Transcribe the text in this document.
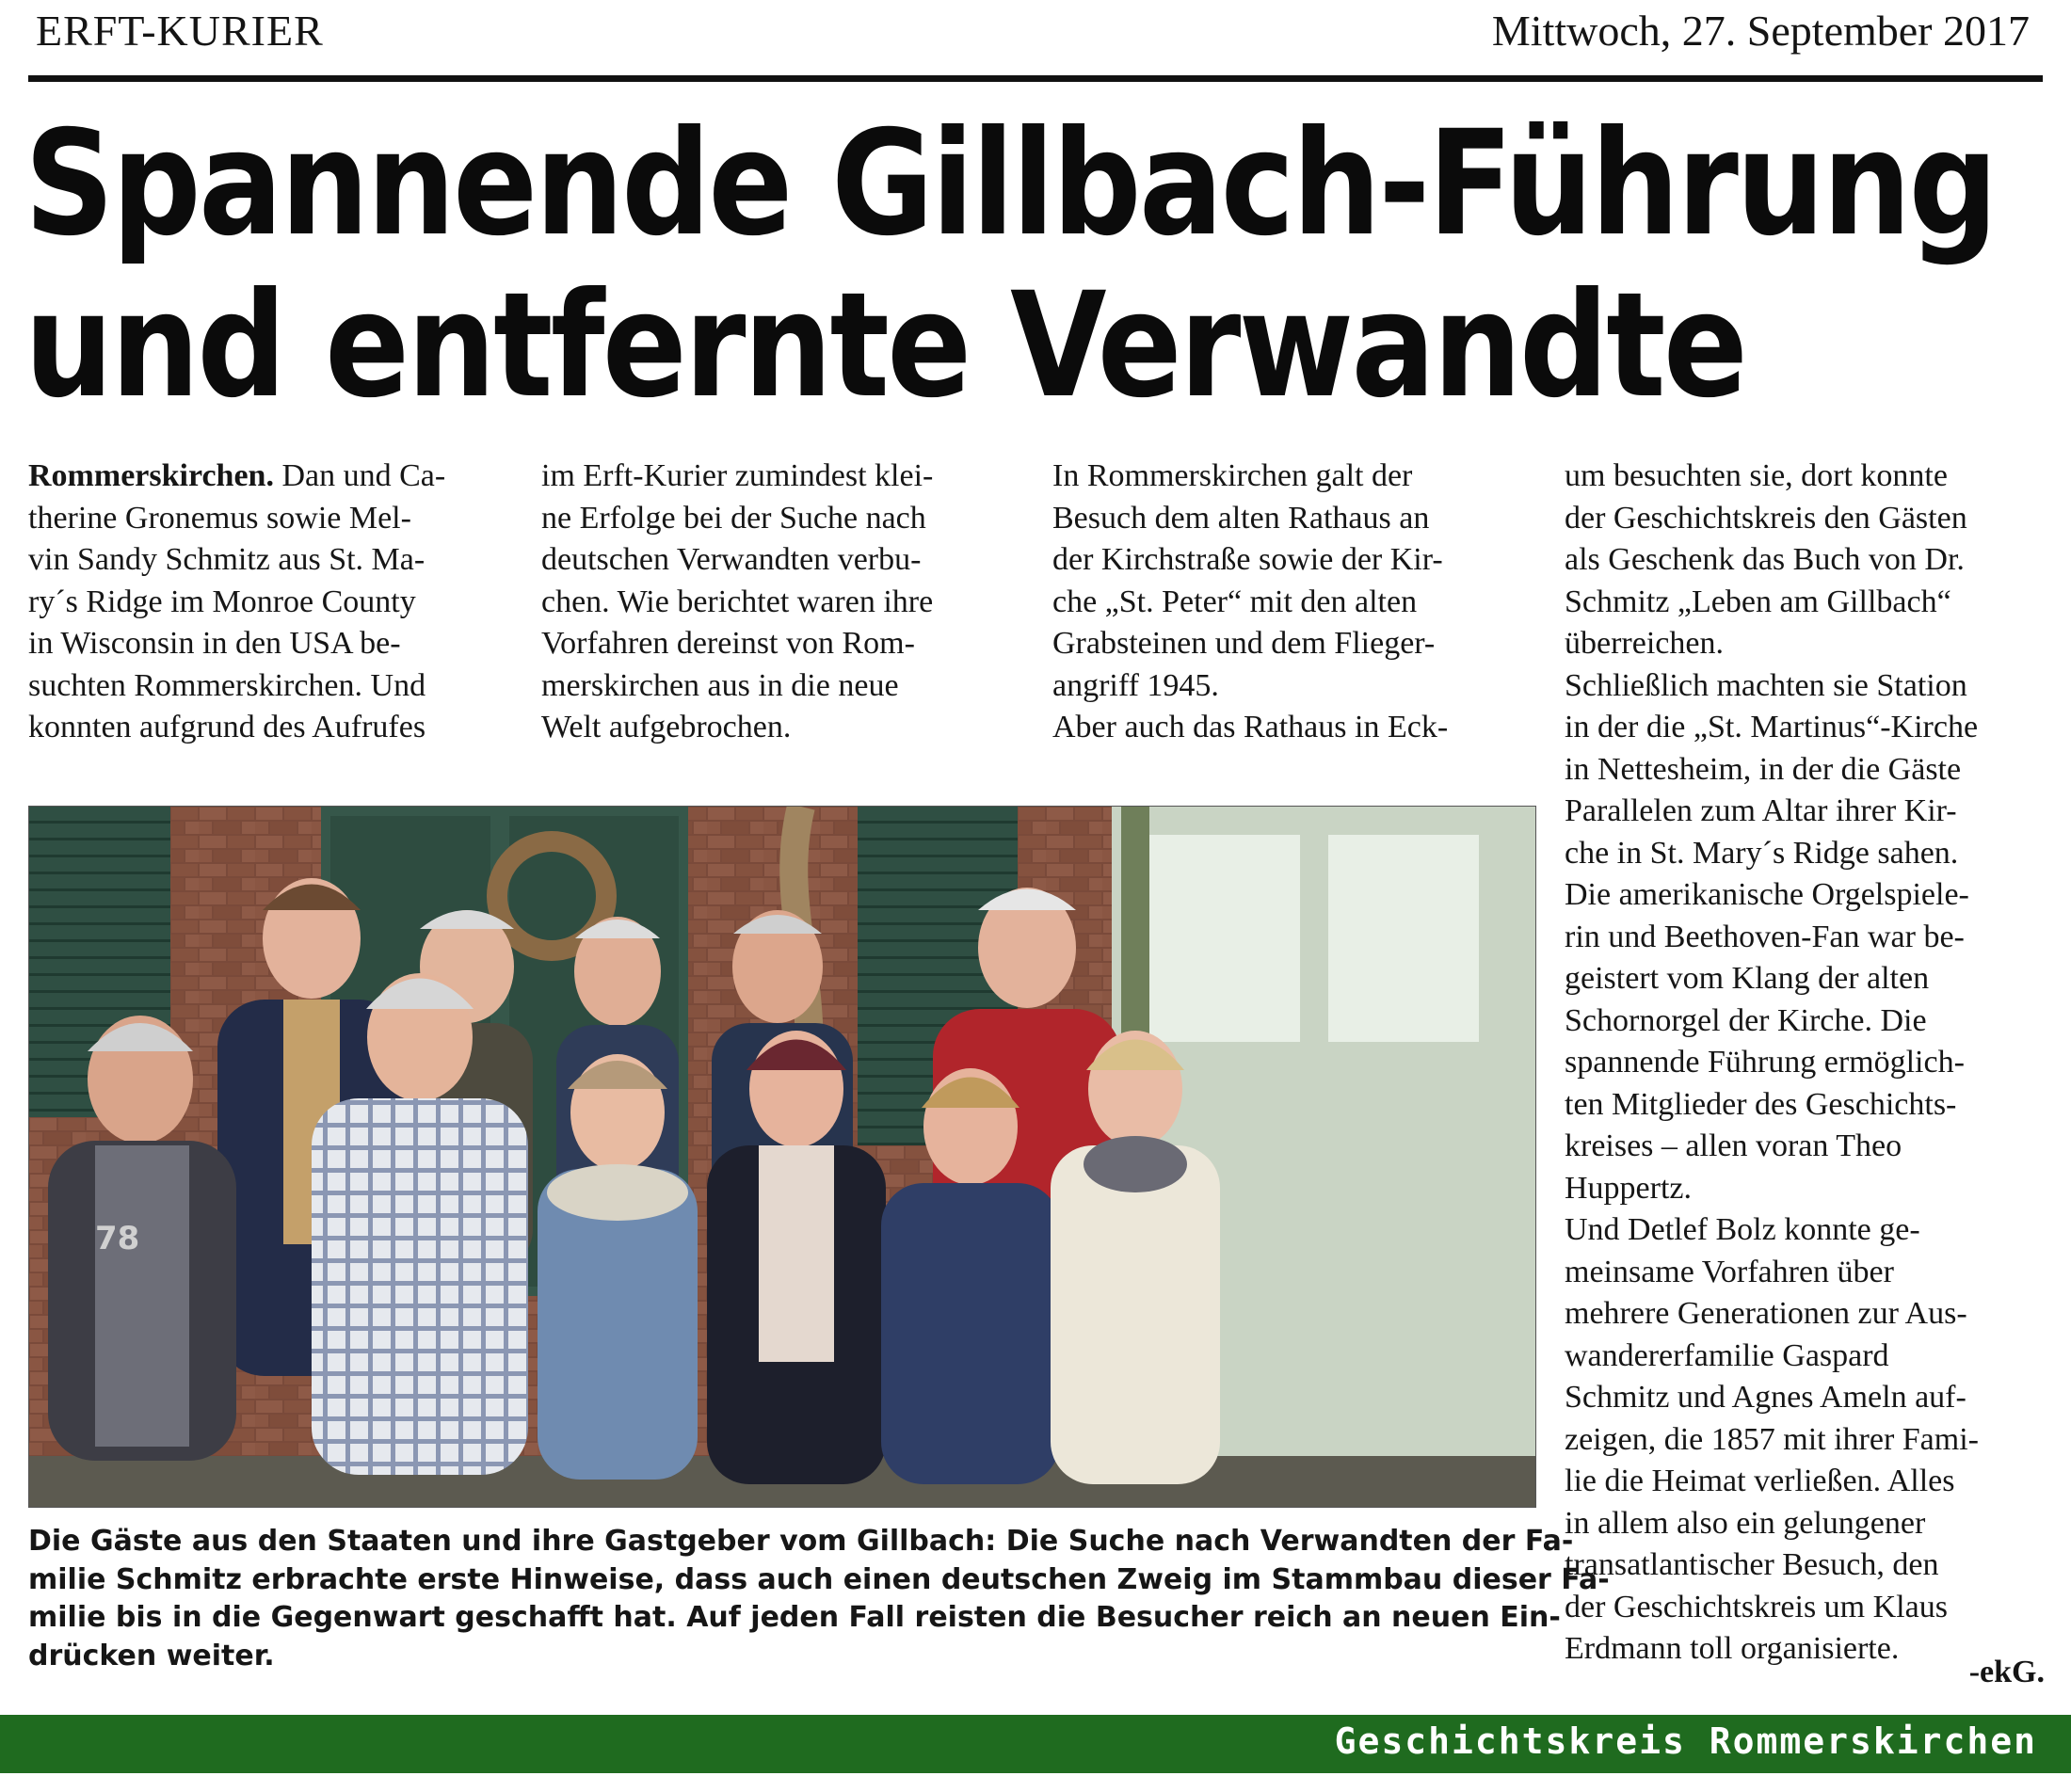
ERFT-KURIER	Mittwoch, 27. September 2017
Spannende Gillbach-Führung
und entfernte Verwandte
Rommerskirchen. Dan und Ca-
therine Gronemus sowie Mel-
vin Sandy Schmitz aus St. Ma-
ry´s Ridge im Monroe County
in Wisconsin in den USA be-
suchten Rommerskirchen. Und
konnten aufgrund des Aufrufes
im Erft-Kurier zumindest klei-
ne Erfolge bei der Suche nach
deutschen Verwandten verbu-
chen. Wie berichtet waren ihre
Vorfahren dereinst von Rom-
merskirchen aus in die neue
Welt aufgebrochen.
In Rommerskirchen galt der
Besuch dem alten Rathaus an
der Kirchstraße sowie der Kir-
che „St. Peter“ mit den alten
Grabsteinen und dem Flieger-
angriff 1945.
Aber auch das Rathaus in Eck-
um besuchten sie, dort konnte
der Geschichtskreis den Gästen
als Geschenk das Buch von Dr.
Schmitz „Leben am Gillbach“
überreichen.
Schließlich machten sie Station
in der die „St. Martinus“-Kirche
in Nettesheim, in der die Gäste
Parallelen zum Altar ihrer Kir-
che in St. Mary´s Ridge sahen.
Die amerikanische Orgelspiele-
rin und Beethoven-Fan war be-
geistert vom Klang der alten
Schornorgel der Kirche. Die
spannende Führung ermöglich-
ten Mitglieder des Geschichts-
kreises – allen voran Theo
Huppertz.
Und Detlef Bolz konnte ge-
meinsame Vorfahren über
mehrere Generationen zur Aus-
wandererfamilie Gaspard
Schmitz und Agnes Ameln auf-
zeigen, die 1857 mit ihrer Fami-
lie die Heimat verließen. Alles
in allem also ein gelungener
transatlantischer Besuch, den
der Geschichtskreis um Klaus
Erdmann toll organisierte.
-ekG.
78
Die Gäste aus den Staaten und ihre Gastgeber vom Gillbach: Die Suche nach Verwandten der Fa-
milie Schmitz erbrachte erste Hinweise, dass auch einen deutschen Zweig im Stammbau dieser Fa-
milie bis in die Gegenwart geschafft hat. Auf jeden Fall reisten die Besucher reich an neuen Ein-
drücken weiter.
Geschichtskreis Rommerskirchen
